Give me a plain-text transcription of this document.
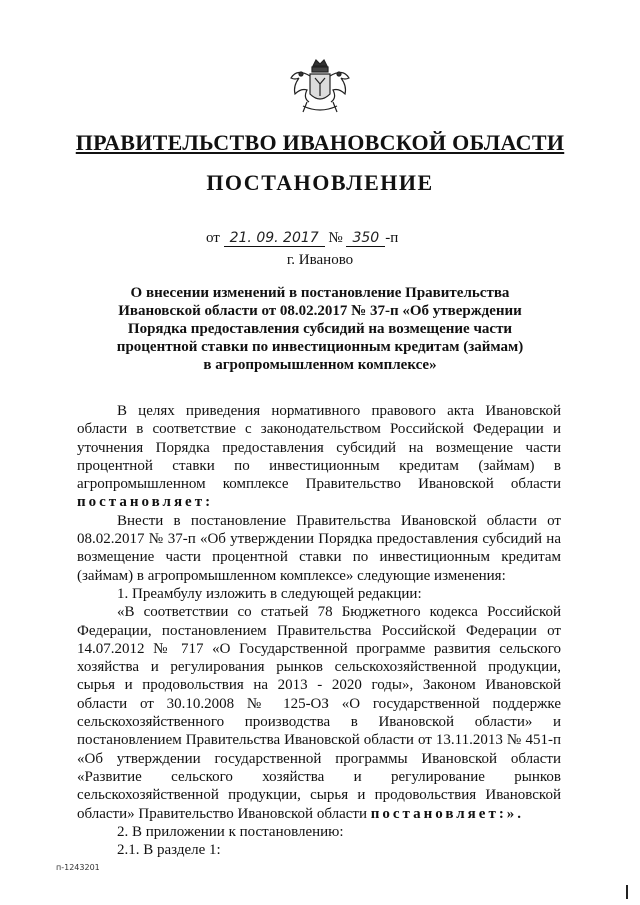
ПРАВИТЕЛЬСТВО ИВАНОВСКОЙ ОБЛАСТИ
ПОСТАНОВЛЕНИЕ
от 21. 09. 2017 № 350 -п
г. Иваново
О внесении изменений в постановление Правительства
Ивановской области от 08.02.2017 № 37-п «Об утверждении
Порядка предоставления субсидий на возмещение части
процентной ставки по инвестиционным кредитам (займам)
в агропромышленном комплексе»

В целях приведения нормативного правового акта Ивановской области в соответствие с законодательством Российской Федерации и уточнения Порядка предоставления субсидий на возмещение части процентной ставки по инвестиционным кредитам (займам) в агропромышленном комплексе Правительство Ивановской области постановляет:

Внести в постановление Правительства Ивановской области от 08.02.2017 № 37-п «Об утверждении Порядка предоставления субсидий на возмещение части процентной ставки по инвестиционным кредитам (займам) в агропромышленном комплексе» следующие изменения:

1. Преамбулу изложить в следующей редакции:

«В соответствии со статьей 78 Бюджетного кодекса Российской Федерации, постановлением Правительства Российской Федерации от 14.07.2012 № 717 «О Государственной программе развития сельского хозяйства и регулирования рынков сельскохозяйственной продукции, сырья и продовольствия на 2013 - 2020 годы», Законом Ивановской области от 30.10.2008 № 125-ОЗ «О государственной поддержке сельскохозяйственного производства в Ивановской области» и постановлением Правительства Ивановской области от 13.11.2013 № 451-п «Об утверждении государственной программы Ивановской области «Развитие сельского хозяйства и регулирование рынков сельскохозяйственной продукции, сырья и продовольствия Ивановской области» Правительство Ивановской области постановляет:».

2. В приложении к постановлению:

2.1. В разделе 1:

п-1243201
